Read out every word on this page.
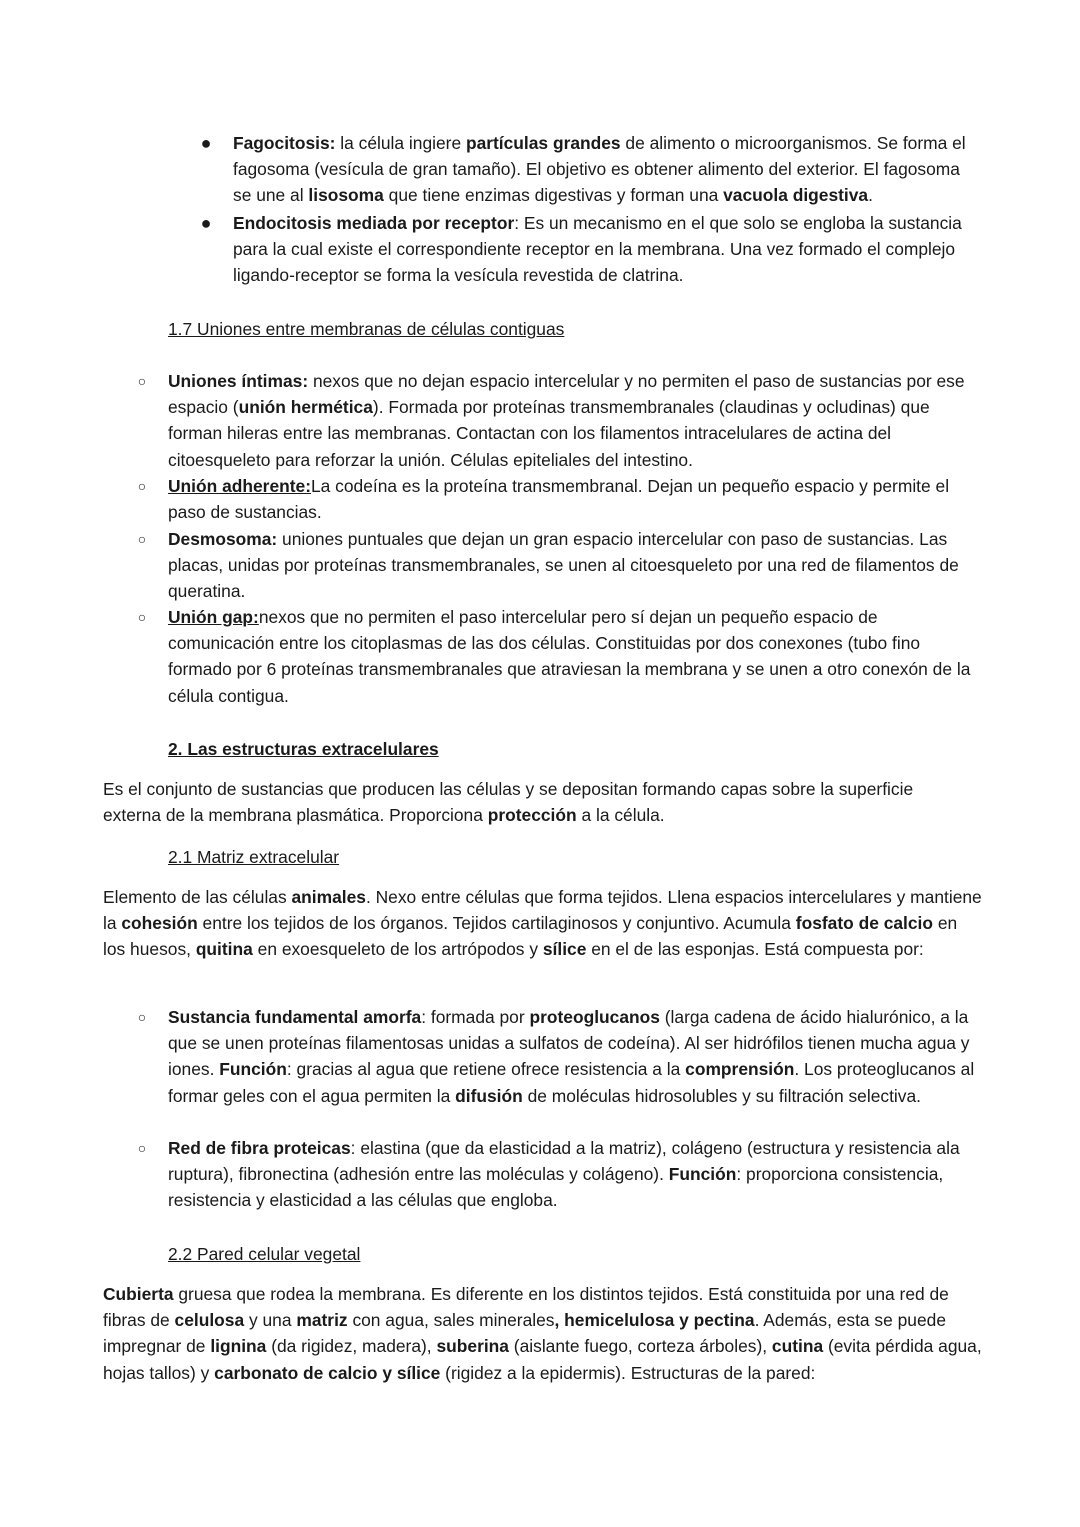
● Fagocitosis: la célula ingiere partículas grandes de alimento o microorganismos. Se forma el fagosoma (vesícula de gran tamaño). El objetivo es obtener alimento del exterior. El fagosoma se une al lisosoma que tiene enzimas digestivas y forman una vacuola digestiva.

● Endocitosis mediada por receptor: Es un mecanismo en el que solo se engloba la sustancia para la cual existe el correspondiente receptor en la membrana. Una vez formado el complejo ligando-receptor se forma la vesícula revestida de clatrina.

1.7 Uniones entre membranas de células contiguas

○	Uniones íntimas: nexos que no dejan espacio intercelular y no permiten el paso de sustancias por ese espacio (unión hermética). Formada por proteínas transmembranales (claudinas y ocludinas) que forman hileras entre las membranas. Contactan con los filamentos intracelulares de actina del citoesqueleto para reforzar la unión. Células epiteliales del intestino.

○	Unión adherente:La codeína es la proteína transmembranal. Dejan un pequeño espacio y permite el paso de sustancias.

○	Desmosoma: uniones puntuales que dejan un gran espacio intercelular con paso de sustancias. Las placas, unidas por proteínas transmembranales, se unen al citoesqueleto por una red de filamentos de queratina.

○	Unión gap:nexos que no permiten el paso intercelular pero sí dejan un pequeño espacio de comunicación entre los citoplasmas de las dos células. Constituidas por dos conexones (tubo fino formado por 6 proteínas transmembranales que atraviesan la membrana y se unen a otro conexón de la célula contigua.

2. Las estructuras extracelulares

Es el conjunto de sustancias que producen las células y se depositan formando capas sobre la superficie externa de la membrana plasmática. Proporciona protección a la célula.

2.1 Matriz extracelular

Elemento de las células animales. Nexo entre células que forma tejidos. Llena espacios intercelulares y mantiene la cohesión entre los tejidos de los órganos. Tejidos cartilaginosos y conjuntivo. Acumula fosfato de calcio en los huesos, quitina en exoesqueleto de los artrópodos y sílice en el de las esponjas. Está compuesta por:

○	Sustancia fundamental amorfa: formada por proteoglucanos (larga cadena de ácido hialurónico, a la que se unen proteínas filamentosas unidas a sulfatos de codeína). Al ser hidrófilos tienen mucha agua y iones. Función: gracias al agua que retiene ofrece resistencia a la comprensión. Los proteoglucanos al formar geles con el agua permiten la difusión de moléculas hidrosolubles y su filtración selectiva.

○	Red de fibra proteicas: elastina (que da elasticidad a la matriz), colágeno (estructura y resistencia ala ruptura), fibronectina (adhesión entre las moléculas y colágeno). Función: proporciona consistencia, resistencia y elasticidad a las células que engloba.

2.2 Pared celular vegetal

Cubierta gruesa que rodea la membrana. Es diferente en los distintos tejidos. Está constituida por una red de fibras de celulosa y una matriz con agua, sales minerales, hemicelulosa y pectina. Además, esta se puede impregnar de lignina (da rigidez, madera), suberina (aislante fuego, corteza árboles), cutina (evita pérdida agua, hojas tallos) y carbonato de calcio y sílice (rigidez a la epidermis). Estructuras de la pared:
